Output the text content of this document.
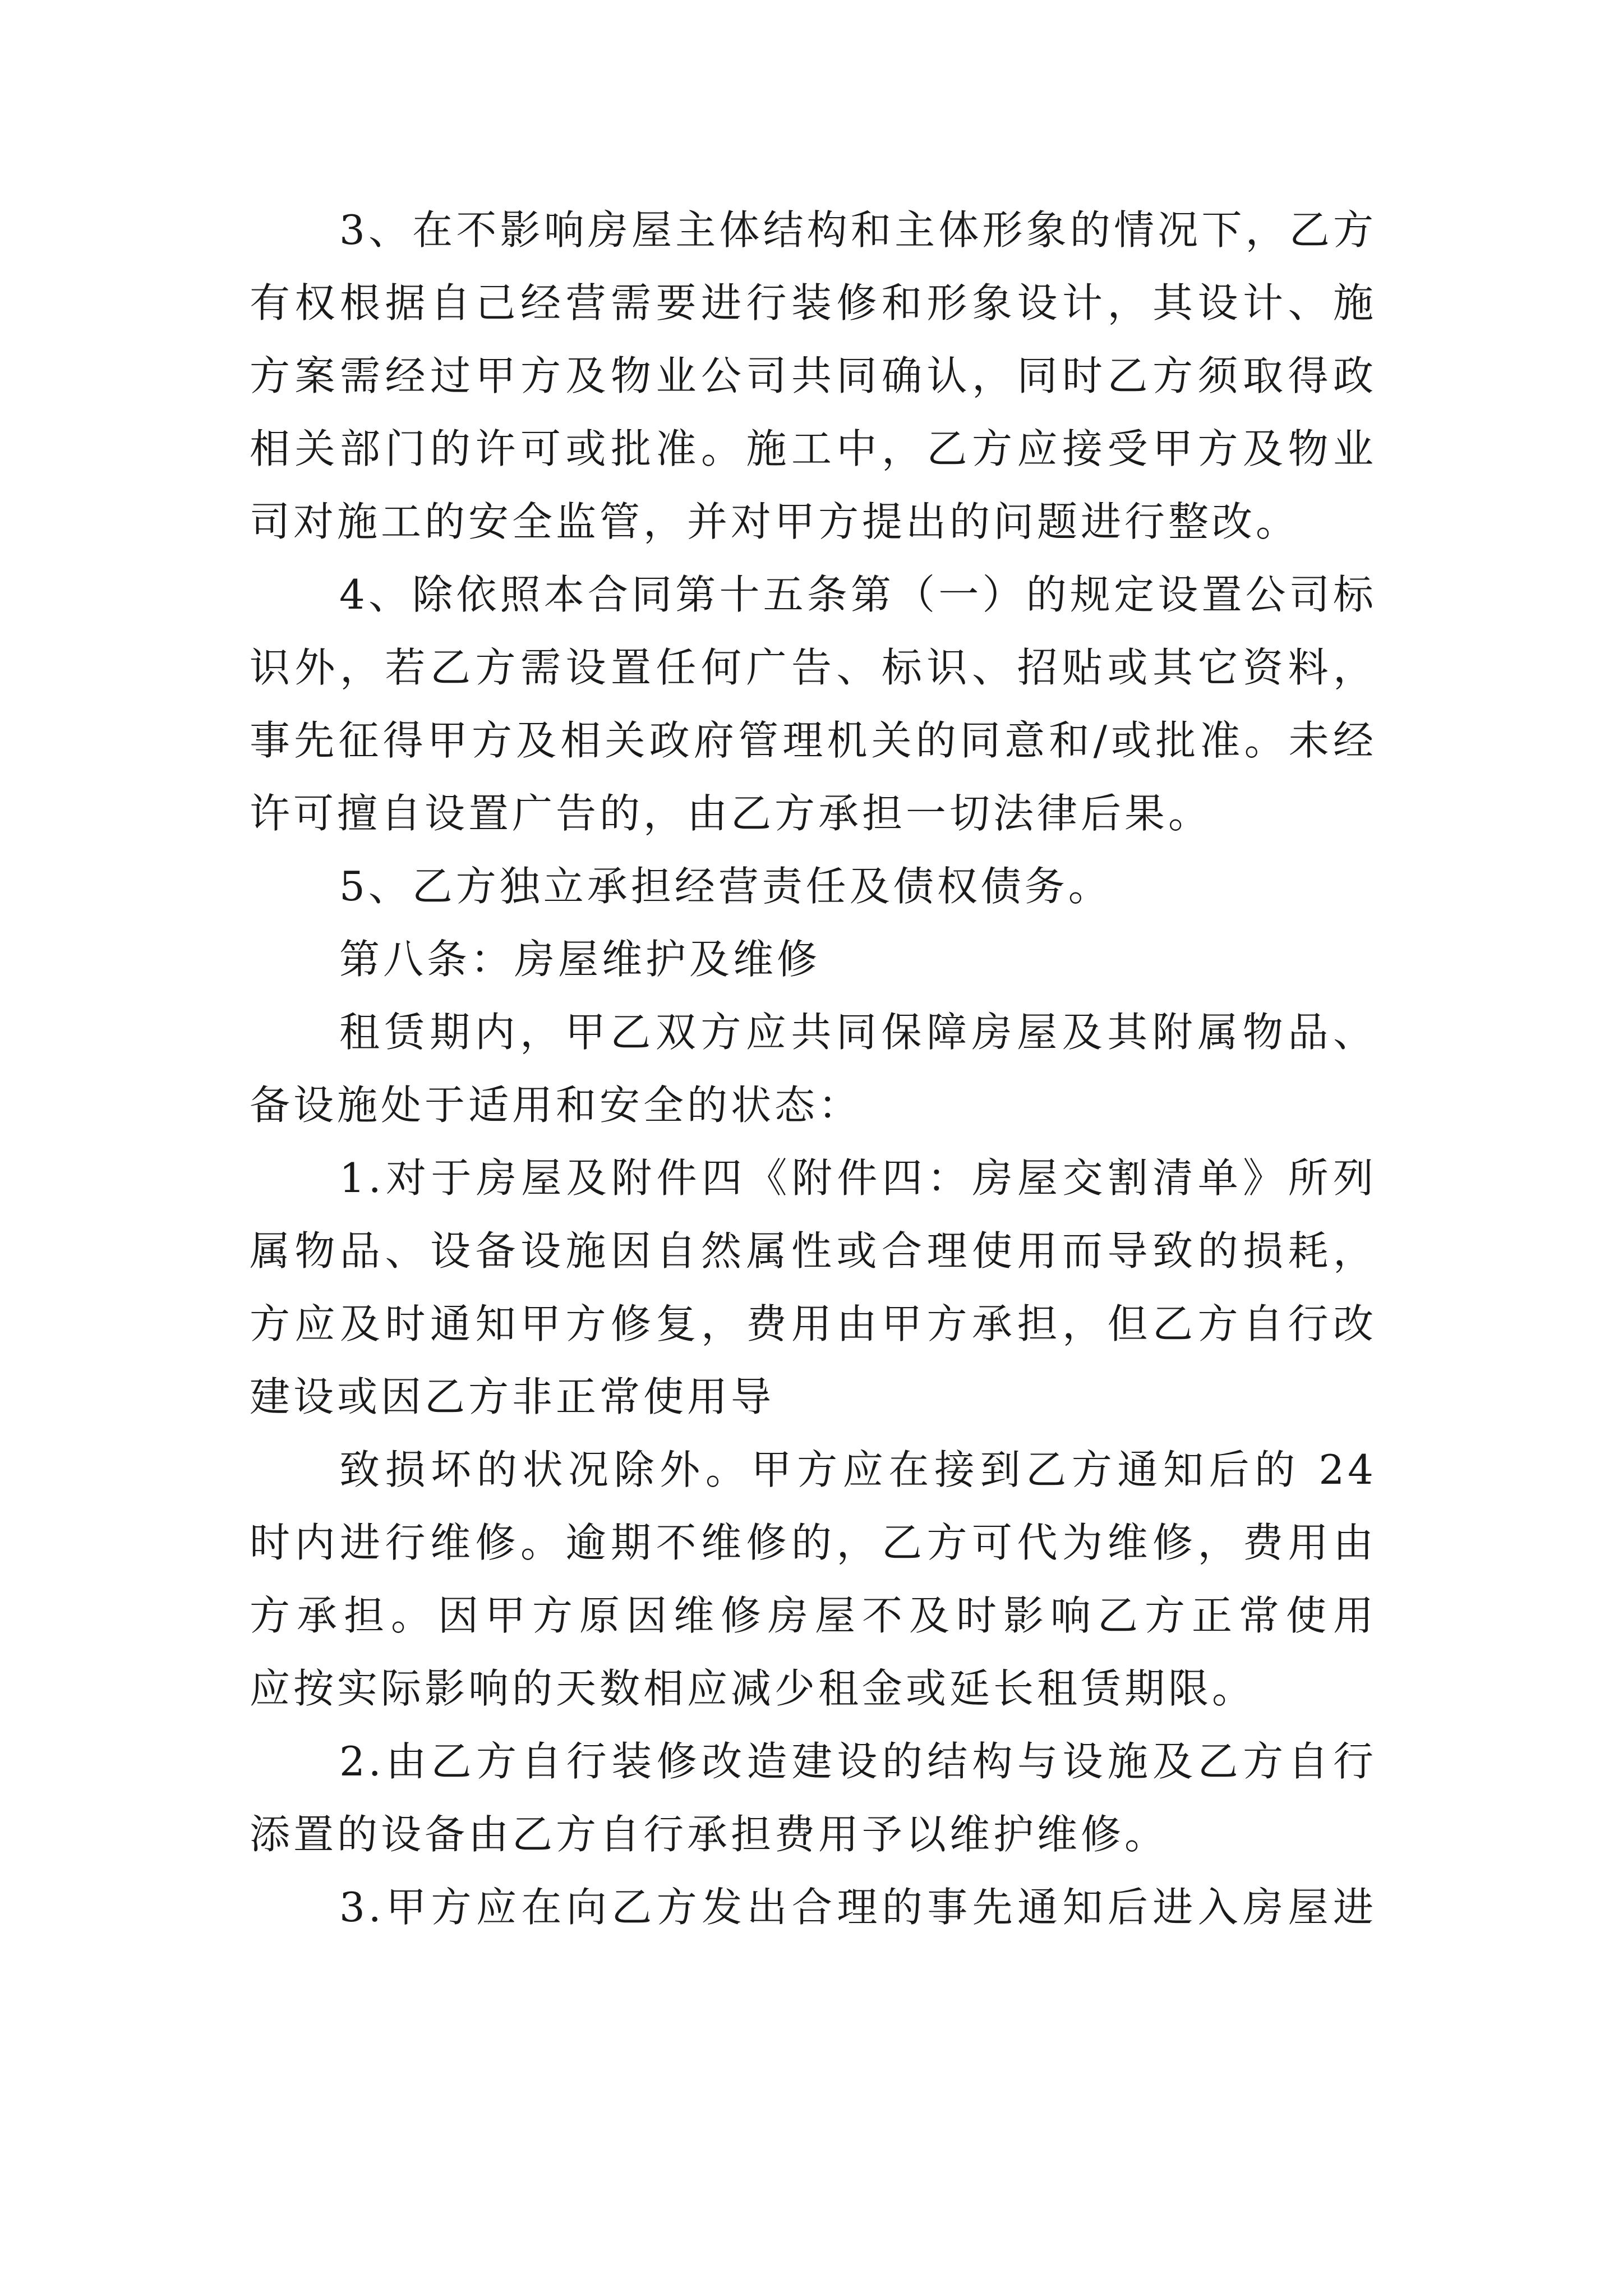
3、在不影响房屋主体结构和主体形象的情况下，乙方
有权根据自己经营需要进行装修和形象设计，其设计、施
方案需经过甲方及物业公司共同确认，同时乙方须取得政
相关部门的许可或批准。施工中，乙方应接受甲方及物业
司对施工的安全监管，并对甲方提出的问题进行整改。
4、除依照本合同第十五条第（一）的规定设置公司标
识外，若乙方需设置任何广告、标识、招贴或其它资料，
事先征得甲方及相关政府管理机关的同意和/或批准。未经
许可擅自设置广告的，由乙方承担一切法律后果。
5、乙方独立承担经营责任及债权债务。
第八条：房屋维护及维修
租赁期内，甲乙双方应共同保障房屋及其附属物品、
备设施处于适用和安全的状态：
1.对于房屋及附件四《附件四：房屋交割清单》所列
属物品、设备设施因自然属性或合理使用而导致的损耗，
方应及时通知甲方修复，费用由甲方承担，但乙方自行改
建设或因乙方非正常使用导
致损坏的状况除外。甲方应在接到乙方通知后的 24
时内进行维修。逾期不维修的，乙方可代为维修，费用由
方承担。因甲方原因维修房屋不及时影响乙方正常使用
应按实际影响的天数相应减少租金或延长租赁期限。
2.由乙方自行装修改造建设的结构与设施及乙方自行
添置的设备由乙方自行承担费用予以维护维修。
3.甲方应在向乙方发出合理的事先通知后进入房屋进
